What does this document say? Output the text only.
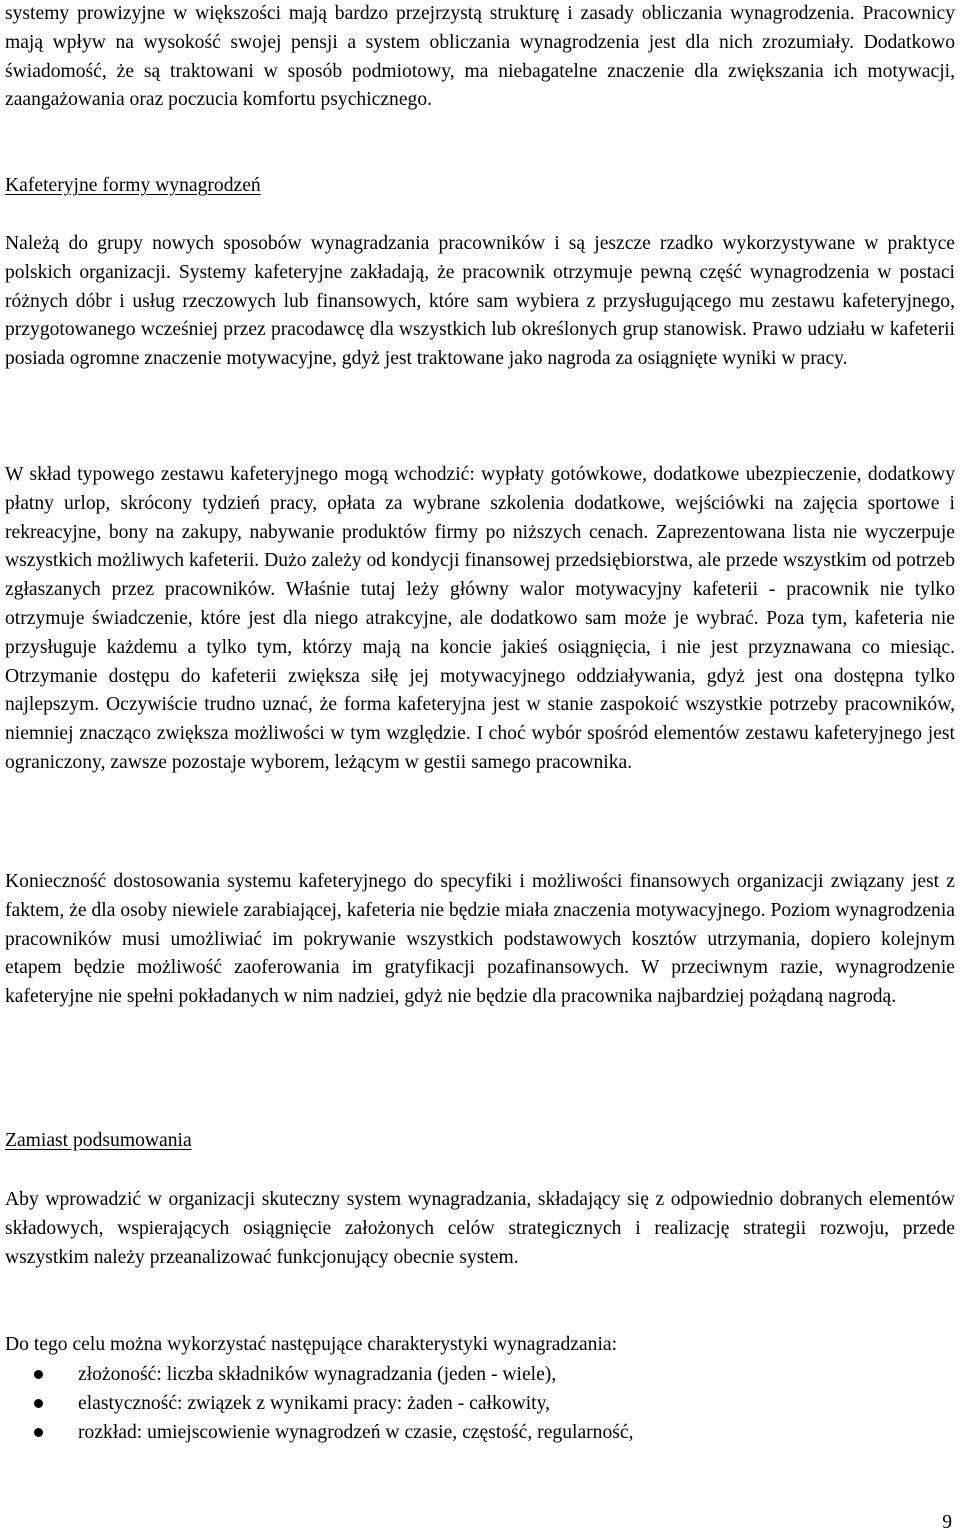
systemy prowizyjne w większości mają bardzo przejrzystą strukturę i zasady obliczania wynagrodzenia. Pracownicy mają wpływ na wysokość swojej pensji a system obliczania wynagrodzenia jest dla nich zrozumiały. Dodatkowo świadomość, że są traktowani w sposób podmiotowy, ma niebagatelne znaczenie dla zwiększania ich motywacji, zaangażowania oraz poczucia komfortu psychicznego.

Kafeteryjne formy wynagrodzeń

Należą do grupy nowych sposobów wynagradzania pracowników i są jeszcze rzadko wykorzystywane w praktyce polskich organizacji. Systemy kafeteryjne zakładają, że pracownik otrzymuje pewną część wynagrodzenia w postaci różnych dóbr i usług rzeczowych lub finansowych, które sam wybiera z przysługującego mu zestawu kafeteryjnego, przygotowanego wcześniej przez pracodawcę dla wszystkich lub określonych grup stanowisk. Prawo udziału w kafeterii posiada ogromne znaczenie motywacyjne, gdyż jest traktowane jako nagroda za osiągnięte wyniki w pracy.

W skład typowego zestawu kafeteryjnego mogą wchodzić: wypłaty gotówkowe, dodatkowe ubezpieczenie, dodatkowy płatny urlop, skrócony tydzień pracy, opłata za wybrane szkolenia dodatkowe, wejściówki na zajęcia sportowe i rekreacyjne, bony na zakupy, nabywanie produktów firmy po niższych cenach. Zaprezentowana lista nie wyczerpuje wszystkich możliwych kafeterii. Dużo zależy od kondycji finansowej przedsiębiorstwa, ale przede wszystkim od potrzeb zgłaszanych przez pracowników. Właśnie tutaj leży główny walor motywacyjny kafeterii - pracownik nie tylko otrzymuje świadczenie, które jest dla niego atrakcyjne, ale dodatkowo sam może je wybrać. Poza tym, kafeteria nie przysługuje każdemu a tylko tym, którzy mają na koncie jakieś osiągnięcia, i nie jest przyznawana co miesiąc. Otrzymanie dostępu do kafeterii zwiększa siłę jej motywacyjnego oddziaływania, gdyż jest ona dostępna tylko najlepszym. Oczywiście trudno uznać, że forma kafeteryjna jest w stanie zaspokoić wszystkie potrzeby pracowników, niemniej znacząco zwiększa możliwości w tym względzie. I choć wybór spośród elementów zestawu kafeteryjnego jest ograniczony, zawsze pozostaje wyborem, leżącym w gestii samego pracownika.

Konieczność dostosowania systemu kafeteryjnego do specyfiki i możliwości finansowych organizacji związany jest z faktem, że dla osoby niewiele zarabiającej, kafeteria nie będzie miała znaczenia motywacyjnego. Poziom wynagrodzenia pracowników musi umożliwiać im pokrywanie wszystkich podstawowych kosztów utrzymania, dopiero kolejnym etapem będzie możliwość zaoferowania im gratyfikacji pozafinansowych. W przeciwnym razie, wynagrodzenie kafeteryjne nie spełni pokładanych w nim nadziei, gdyż nie będzie dla pracownika najbardziej pożądaną nagrodą.

Zamiast podsumowania

Aby wprowadzić w organizacji skuteczny system wynagradzania, składający się z odpowiednio dobranych elementów składowych, wspierających osiągnięcie założonych celów strategicznych i realizację strategii rozwoju, przede wszystkim należy przeanalizować funkcjonujący obecnie system.

Do tego celu można wykorzystać następujące charakterystyki wynagradzania:

złożoność: liczba składników wynagradzania (jeden - wiele),
elastyczność: związek z wynikami pracy: żaden - całkowity,
rozkład: umiejscowienie wynagrodzeń w czasie, częstość, regularność,
9
